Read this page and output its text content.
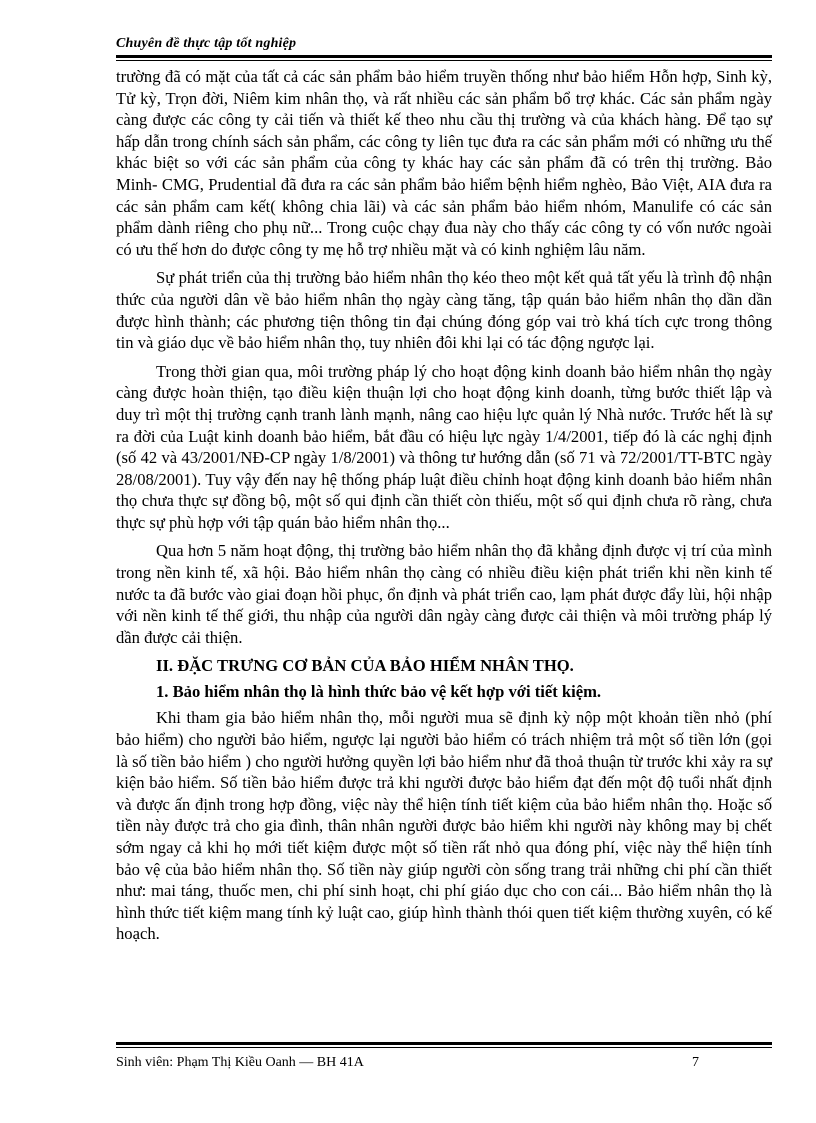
Chuyên đề thực tập tốt nghiệp

trường đã có mặt của tất cả các sản phẩm bảo hiểm truyền thống như bảo hiểm Hỗn hợp, Sinh kỳ, Tử kỳ, Trọn đời, Niêm kim nhân thọ, và rất nhiều các sản phẩm bổ trợ khác. Các sản phẩm ngày càng được các công ty cải tiến và thiết kế theo nhu cầu thị trường và của khách hàng. Để tạo sự hấp dẫn trong chính sách sản phẩm, các công ty liên tục đưa ra các sản phẩm mới có những ưu thế khác biệt so với các sản phẩm của công ty khác hay các sản phẩm đã có trên thị trường. Bảo Minh- CMG, Prudential đã đưa ra các sản phẩm bảo hiểm bệnh hiểm nghèo, Bảo Việt, AIA đưa ra các sản phẩm cam kết( không chia lãi) và các sản phẩm bảo hiểm nhóm, Manulife có các sản phẩm dành riêng cho phụ nữ... Trong cuộc chạy đua này cho thấy các công ty có vốn nước ngoài có ưu thế hơn do được công ty mẹ hỗ trợ nhiều mặt và có kinh nghiệm lâu năm.

Sự phát triển của thị trường bảo hiểm nhân thọ kéo theo một kết quả tất yếu là trình độ nhận thức của người dân về bảo hiểm nhân thọ ngày càng tăng, tập quán bảo hiểm nhân thọ dần dần được hình thành; các phương tiện thông tin đại chúng đóng góp vai trò khá tích cực trong thông tin và giáo dục về bảo hiểm nhân thọ, tuy nhiên đôi khi lại có tác động ngược lại.

Trong thời gian qua, môi trường pháp lý cho hoạt động kinh doanh bảo hiểm nhân thọ ngày càng được hoàn thiện, tạo điều kiện thuận lợi cho hoạt động kinh doanh, từng bước thiết lập và duy trì một thị trường cạnh tranh lành mạnh, nâng cao hiệu lực quản lý Nhà nước. Trước hết là sự ra đời của Luật kinh doanh bảo hiểm, bắt đầu có hiệu lực ngày 1/4/2001, tiếp đó là các nghị định (số 42 và 43/2001/NĐ-CP ngày 1/8/2001) và thông tư hướng dẫn (số 71 và 72/2001/TT-BTC ngày 28/08/2001). Tuy vậy đến nay hệ thống pháp luật điều chỉnh hoạt động kinh doanh bảo hiểm nhân thọ chưa thực sự đồng bộ, một số qui định cần thiết còn thiếu, một số qui định chưa rõ ràng, chưa thực sự phù hợp với tập quán bảo hiểm nhân thọ...

Qua hơn 5 năm hoạt động, thị trường bảo hiểm nhân thọ đã khẳng định được vị trí của mình trong nền kinh tế, xã hội. Bảo hiểm nhân thọ càng có nhiều điều kiện phát triển khi nền kinh tế nước ta đã bước vào giai đoạn hồi phục, ổn định và phát triển cao, lạm phát được đẩy lùi, hội nhập với nền kinh tế thế giới, thu nhập của người dân ngày càng được cải thiện và môi trường pháp lý dần được cải thiện.

II. ĐẶC TRƯNG CƠ BẢN CỦA BẢO HIỂM NHÂN THỌ.
1. Bảo hiểm nhân thọ là hình thức bảo vệ kết hợp với tiết kiệm.

Khi tham gia bảo hiểm nhân thọ, mỗi người mua sẽ định kỳ nộp một khoản tiền nhỏ (phí bảo hiểm) cho người bảo hiểm, ngược lại người bảo hiểm có trách nhiệm trả một số tiền lớn (gọi là số tiền bảo hiểm ) cho người hưởng quyền lợi bảo hiểm như đã thoả thuận từ trước khi xảy ra sự kiện bảo hiểm. Số tiền bảo hiểm được trả khi người được bảo hiểm đạt đến một độ tuổi nhất định và được ấn định trong hợp đồng, việc này thể hiện tính tiết kiệm của bảo hiểm nhân thọ. Hoặc số tiền này được trả cho gia đình, thân nhân người được bảo hiểm khi người này không may bị chết sớm ngay cả khi họ mới tiết kiệm được một số tiền rất nhỏ qua đóng phí, việc này thể hiện tính bảo vệ của bảo hiểm nhân thọ. Số tiền này giúp người còn sống trang trải những chi phí cần thiết như: mai táng, thuốc men, chi phí sinh hoạt, chi phí giáo dục cho con cái... Bảo hiểm nhân thọ là hình thức tiết kiệm mang tính kỷ luật cao, giúp hình thành thói quen tiết kiệm thường xuyên, có kế hoạch.

Sinh viên: Phạm Thị Kiều Oanh — BH 41A	7
